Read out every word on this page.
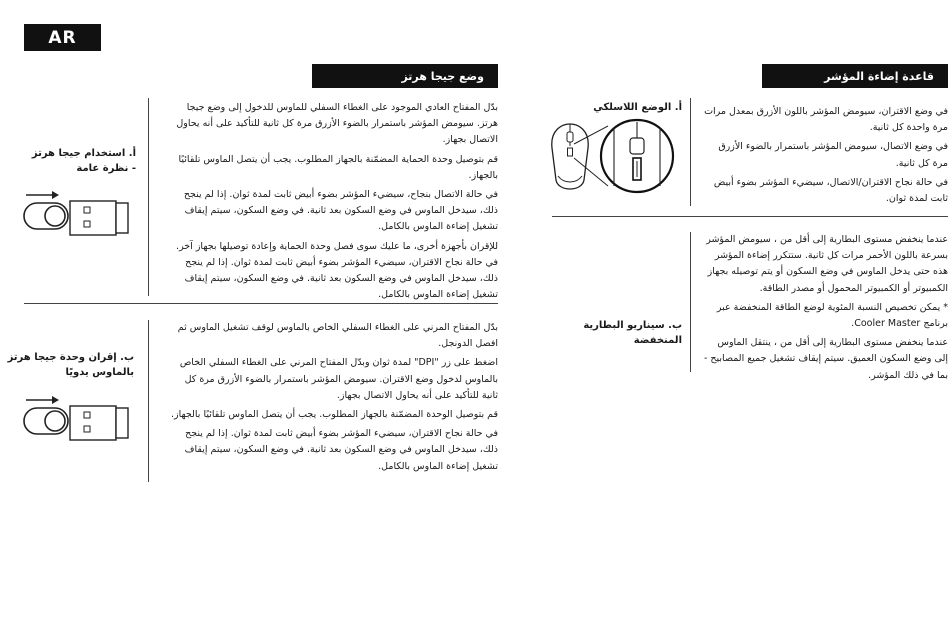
AR
وضع جيجا هرتز
أ. استخدام جيجا هرتز
- نظرة عامة
ب. إقران وحدة جيجا هرتز
بالماوس يدويًا

بدّل المفتاح العادي الموجود على الغطاء السفلي للماوس للدخول إلى وضع جيجا هرتز. سيومض المؤشر باستمرار بالضوء الأزرق مرة كل ثانية للتأكيد على أنه يحاول الاتصال بجهاز.

قم بتوصيل وحدة الحماية المضمّنة بالجهاز المطلوب. يجب أن يتصل الماوس تلقائيًا بالجهاز.

في حالة الاتصال بنجاح، سيضيء المؤشر بضوء أبيض ثابت لمدة ثوان. إذا لم ينجح ذلك، سيدخل الماوس في وضع السكون بعد ثانية. في وضع السكون، سيتم إيقاف تشغيل إضاءة الماوس بالكامل.

للإقران بأجهزة أخرى، ما عليك سوى فصل وحدة الحماية وإعادة توصيلها بجهاز آخر. في حالة نجاح الاقتران، سيضيء المؤشر بضوء أبيض ثابت لمدة ثوان. إذا لم ينجح ذلك، سيدخل الماوس في وضع السكون بعد ثانية. في وضع السكون، سيتم إيقاف تشغيل إضاءة الماوس بالكامل.

بدّل المفتاح المرني على الغطاء السفلي الخاص بالماوس لوقف تشغيل الماوس ثم افصل الدونجل.

اضغط على زر "DPI" لمدة ثوان وبدّل المفتاح المرني على الغطاء السفلي الخاص بالماوس لدخول وضع الاقتران. سيومض المؤشر باستمرار بالضوء الأزرق مرة كل ثانية للتأكيد على أنه يحاول الاتصال بجهاز.

قم بتوصيل الوحدة المضمّنة بالجهاز المطلوب. يجب أن يتصل الماوس تلقائيًا بالجهاز.

في حالة نجاح الاقتران، سيضيء المؤشر بضوء أبيض ثابت لمدة ثوان. إذا لم ينجح ذلك، سيدخل الماوس في وضع السكون بعد ثانية. في وضع السكون، سيتم إيقاف تشغيل إضاءة الماوس بالكامل.

قاعدة إضاءة المؤشر
أ. الوضع اللاسلكي
ب. سيناريو البطارية المنخفضة

في وضع الاقتران، سيومض المؤشر باللون الأزرق بمعدل مرات مرة واحدة كل ثانية.

في وضع الاتصال، سيومض المؤشر باستمرار بالضوء الأزرق مرة كل ثانية.

في حالة نجاح الاقتران/الاتصال، سيضيء المؤشر بضوء أبيض ثابت لمدة ثوان.

عندما ينخفض مستوى البطارية إلى أقل من ، سيومض المؤشر بسرعة باللون الأحمر مرات كل ثانية. ستتكرر إضاءة المؤشر هذه حتى يدخل الماوس في وضع السكون أو يتم توصيله بجهاز الكمبيوتر أو الكمبيوتر المحمول أو مصدر الطاقة.

* يمكن تخصيص النسبة المئوية لوضع الطاقة المنخفضة عبر برنامج Cooler Master.

عندما ينخفض مستوى البطارية إلى أقل من ، ينتقل الماوس إلى وضع السكون العميق. سيتم إيقاف تشغيل جميع المصابيح - بما في ذلك المؤشر.
